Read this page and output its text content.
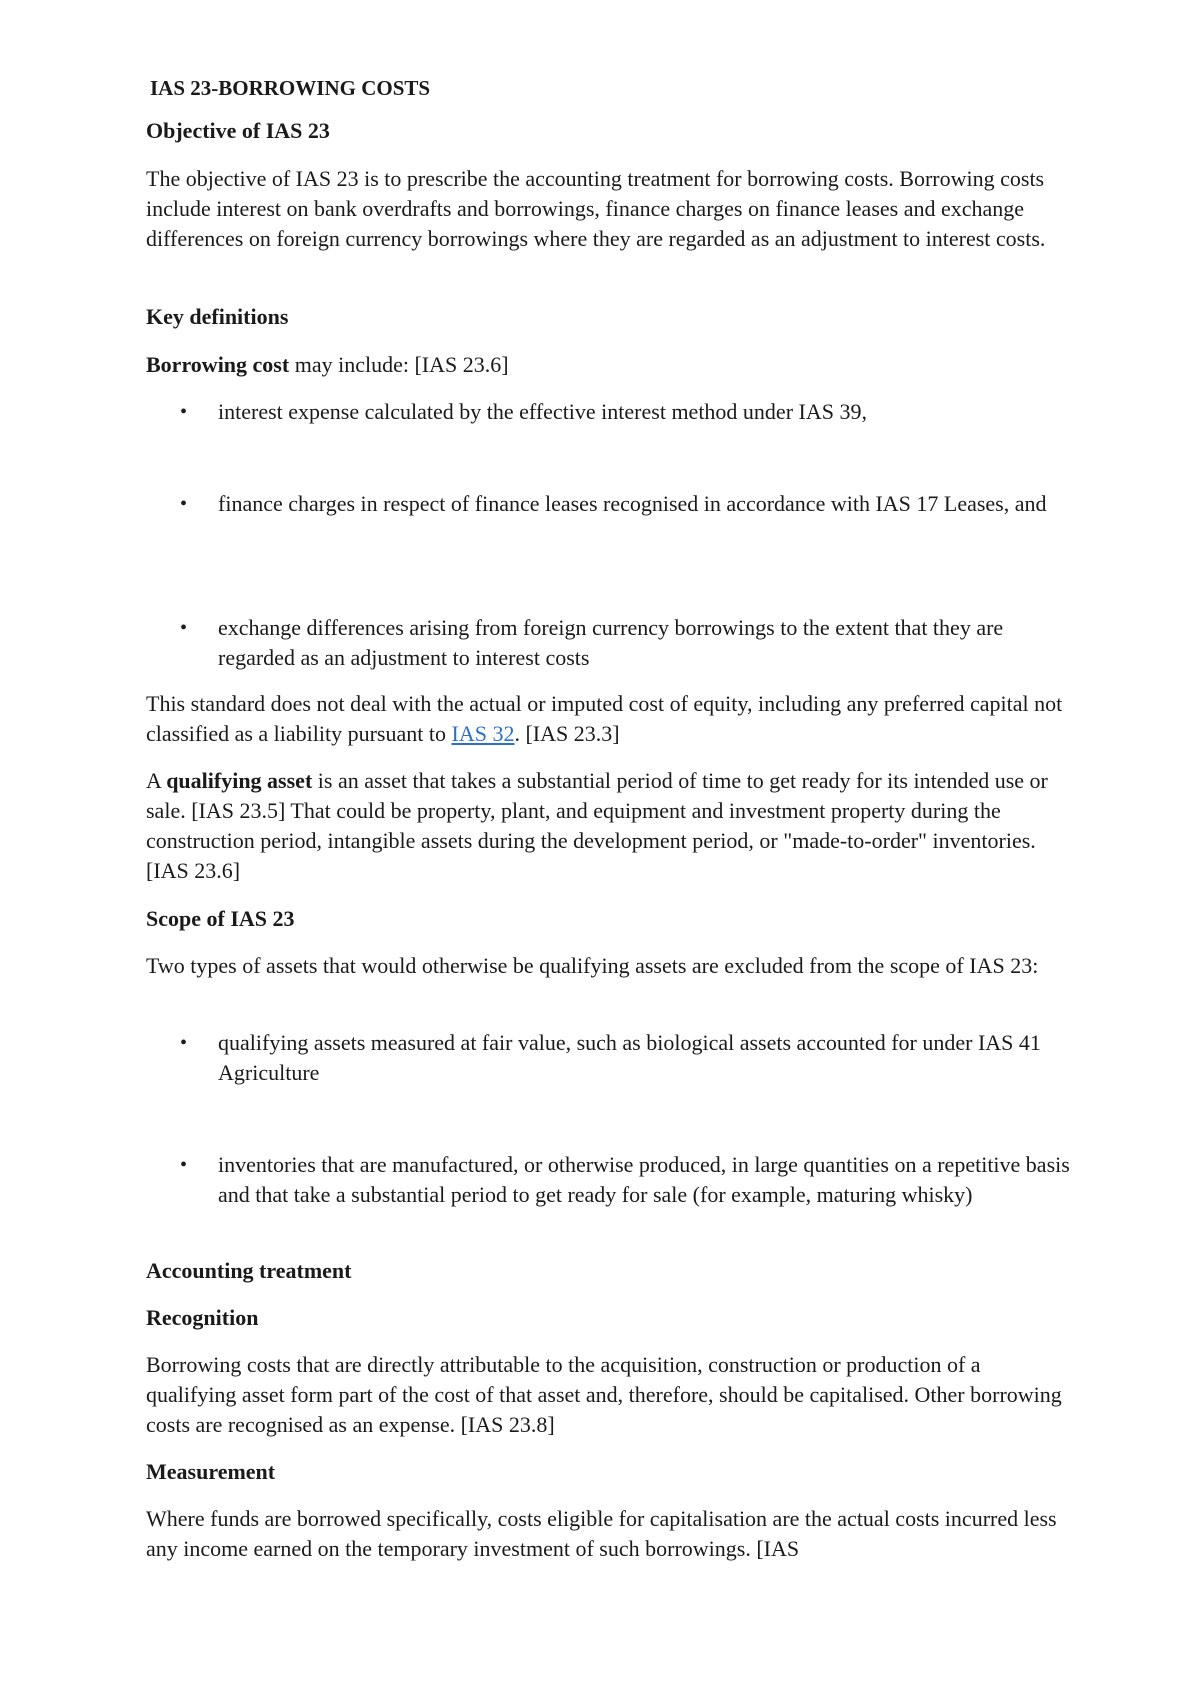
IAS 23-BORROWING COSTS

Objective of IAS 23

The objective of IAS 23 is to prescribe the accounting treatment for borrowing costs. Borrowing costs include interest on bank overdrafts and borrowings, finance charges on finance leases and exchange differences on foreign currency borrowings where they are regarded as an adjustment to interest costs.

Key definitions

Borrowing cost may include: [IAS 23.6]

• interest expense calculated by the effective interest method under IAS 39,

• finance charges in respect of finance leases recognised in accordance with IAS 17 Leases, and

• exchange differences arising from foreign currency borrowings to the extent that they are regarded as an adjustment to interest costs

This standard does not deal with the actual or imputed cost of equity, including any preferred capital not classified as a liability pursuant to IAS 32. [IAS 23.3]

A qualifying asset is an asset that takes a substantial period of time to get ready for its intended use or sale. [IAS 23.5] That could be property, plant, and equipment and investment property during the construction period, intangible assets during the development period, or "made-to-order" inventories. [IAS 23.6]

Scope of IAS 23

Two types of assets that would otherwise be qualifying assets are excluded from the scope of IAS 23:

• qualifying assets measured at fair value, such as biological assets accounted for under IAS 41 Agriculture

• inventories that are manufactured, or otherwise produced, in large quantities on a repetitive basis and that take a substantial period to get ready for sale (for example, maturing whisky)

Accounting treatment

Recognition

Borrowing costs that are directly attributable to the acquisition, construction or production of a qualifying asset form part of the cost of that asset and, therefore, should be capitalised. Other borrowing costs are recognised as an expense. [IAS 23.8]

Measurement

Where funds are borrowed specifically, costs eligible for capitalisation are the actual costs incurred less any income earned on the temporary investment of such borrowings. [IAS
